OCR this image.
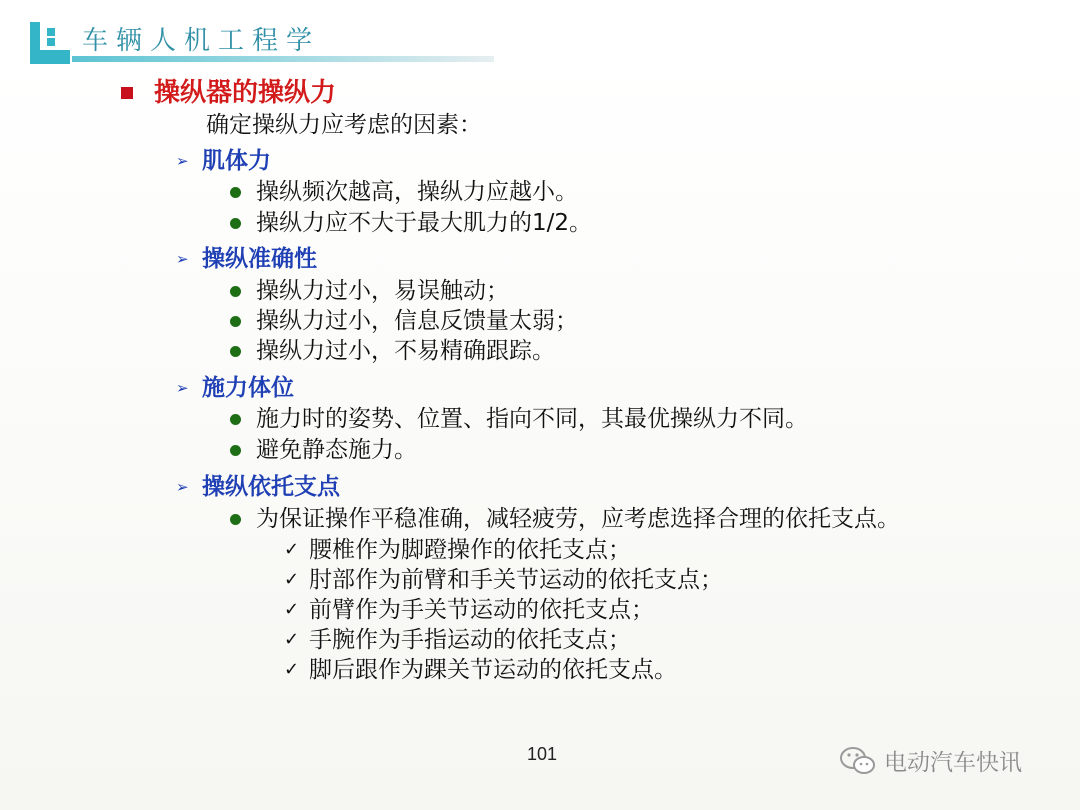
车辆人机工程学
操纵器的操纵力
确定操纵力应考虑的因素：
➢ 肌体力
操纵频次越高，操纵力应越小。
操纵力应不大于最大肌力的1/2。
➢ 操纵准确性
操纵力过小，易误触动；
操纵力过小，信息反馈量太弱；
操纵力过小，不易精确跟踪。
➢ 施力体位
施力时的姿势、位置、指向不同，其最优操纵力不同。
避免静态施力。
➢ 操纵依托支点
为保证操作平稳准确，减轻疲劳，应考虑选择合理的依托支点。
✓ 腰椎作为脚蹬操作的依托支点；
✓ 肘部作为前臂和手关节运动的依托支点；
✓ 前臂作为手关节运动的依托支点；
✓ 手腕作为手指运动的依托支点；
✓ 脚后跟作为踝关节运动的依托支点。
101	电动汽车快讯
